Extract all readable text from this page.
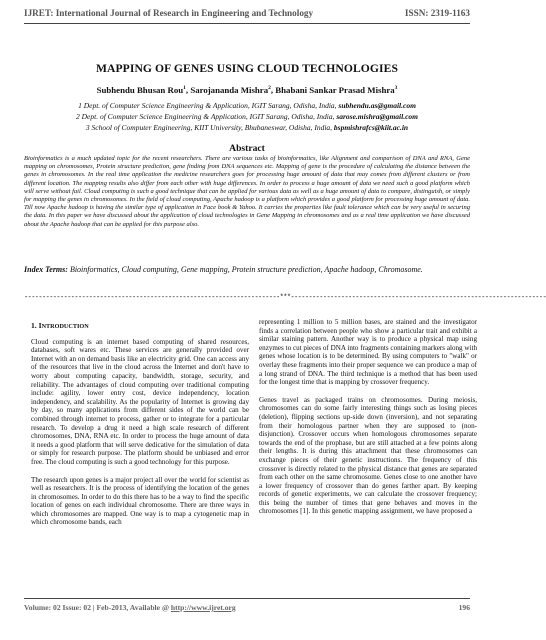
IJRET: International Journal of Research in Engineering and Technology	ISSN: 2319-1163
MAPPING OF GENES USING CLOUD TECHNOLOGIES
Subhendu Bhusan Rou$^1$, Sarojananda Mishra$^2$, Bhabani Sankar Prasad Mishra$^3$
1 Dept. of Computer Science Engineering & Application, IGIT Sarang, Odisha, India, subhendu.as@gmail.com
2 Dept. of Computer Science Engineering & Application, IGIT Sarang, Odisha, India, sarose.mishra@gmail.com
3 School of Computer Engineering, KIIT University, Bhubaneswar, Odisha, India, bspmishrafcs@kiit.ac.in
Abstract
Bioinformatics is a much updated topic for the recent researchers. There are various tasks of bioinformatics, like Alignment and comparison of DNA and RNA, Gene mapping on chromosomes, Protein structure prediction, gene finding from DNA sequences etc. Mapping of gene is the procedure of calculating the distance between the genes in chromosomes. In the real time application the medicine researchers goes for processing huge amount of data that may comes from different clusters or from different location. The mapping results also differ from each other with huge differences. In order to process a huge amount of data we need such a good platform which will serve without fail. Cloud computing is such a good technique that can be applied for various data as well as a huge amount of data to compare, distinguish, or simply for mapping the genes in chromosomes. In the field of cloud computing, Apache hadoop is a platform which provides a good platform for processing huge amount of data. Till now Apache hadoop is having the similar type of application in Face book & Yahoo. It carries the properties like fault tolerance which can be very useful in securing the data. In this paper we have discussed about the application of cloud technologies in Gene Mapping in chromosomes and as a real time application we have discussed about the Apache hadoop that can be applied for this purpose also.
Index Terms: Bioinformatics, Cloud computing, Gene mapping, Protein structure prediction, Apache hadoop, Chromosome.
-----------------------------------------------------------------------***-----------------------------------------------------------------------
1. INTRODUCTION

Cloud computing is an internet based computing of shared resources, databases, soft wares etc. These services are generally provided over Internet with an on demand basis like an electricity grid. One can access any of the resources that live in the cloud across the Internet and don't have to worry about computing capacity, bandwidth, storage, security, and reliability. The advantages of cloud computing over traditional computing include: agility, lower entry cost, device independency, location independency, and scalability. As the popularity of Internet is growing day by day, so many applications from different sides of the world can be combined through internet to process, gather or to integrate for a particular research. To develop a drug it need a high scale research of different chromosomes, DNA, RNA etc. In order to process the huge amount of data it needs a good platform that will serve dedicative for the simulation of data or simply for research purpose. The platform should be unbiased and error free. The cloud computing is such a good technology for this purpose.

The research upon genes is a major project all over the world for scientist as well as researchers. It is the process of identifying the location of the genes in chromosomes. In order to do this there has to be a way to find the specific location of genes on each individual chromosome. There are three ways in which chromosomes are mapped. One way is to map a cytogenetic map in which chromosome bands, each

representing 1 million to 5 million bases, are stained and the investigator finds a correlation between people who show a particular trait and exhibit a similar staining pattern. Another way is to produce a physical map using enzymes to cut pieces of DNA into fragments containing markers along with genes whose location is to be determined. By using computers to "walk" or overlay these fragments into their proper sequence we can produce a map of a long strand of DNA. The third technique is a method that has been used for the longest time that is mapping by crossover frequency.

Genes travel as packaged trains on chromosomes. During meiosis, chromosomes can do some fairly interesting things such as losing pieces (deletion), flipping sections up-side down (inversion), and not separating from their homologous partner when they are supposed to (non- disjunction). Crossover occurs when homologous chromosomes separate towards the end of the prophase, but are still attached at a few points along their lengths. It is during this attachment that these chromosomes can exchange pieces of their genetic instructions. The frequency of this crossover is directly related to the physical distance that genes are separated from each other on the same chromosome. Genes close to one another have a lower frequency of crossover than do genes farther apart. By keeping records of genetic experiments, we can calculate the crossover frequency; this being the number of times that gene behaves and moves in the chromosomes [1]. In this genetic mapping assignment, we have proposed a

Volume: 02 Issue: 02 | Feb-2013, Available @ http://www.ijret.org	196
